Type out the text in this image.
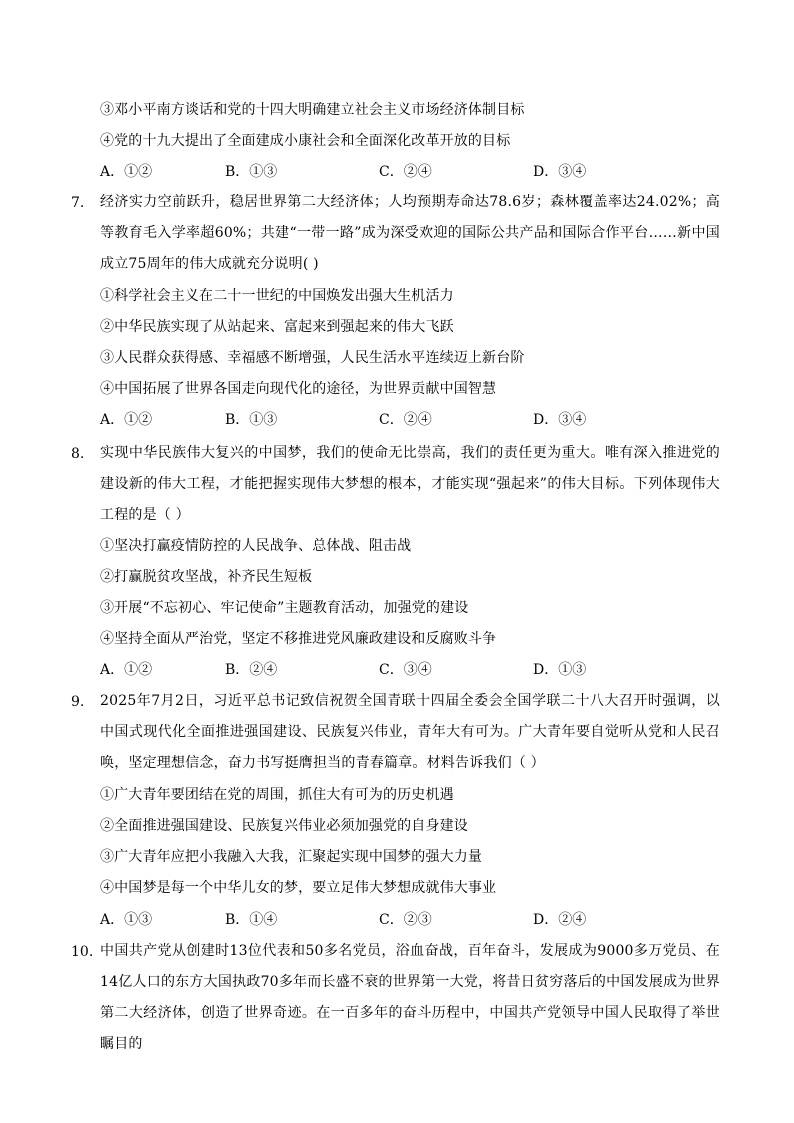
③邓小平南方谈话和党的十四大明确建立社会主义市场经济体制目标
④党的十九大提出了全面建成小康社会和全面深化改革开放的目标
A．①②	B．①③	C．②④	D．③④
7. 经济实力空前跃升，稳居世界第二大经济体；人均预期寿命达78.6岁；森林覆盖率达24.02%；高等教育毛入学率超60%；共建“一带一路”成为深受欢迎的国际公共产品和国际合作平台……新中国成立75周年的伟大成就充分说明( )
①科学社会主义在二十一世纪的中国焕发出强大生机活力
②中华民族实现了从站起来、富起来到强起来的伟大飞跃
③人民群众获得感、幸福感不断增强，人民生活水平连续迈上新台阶
④中国拓展了世界各国走向现代化的途径，为世界贡献中国智慧
A．①②	B．①③	C．②④	D．③④
8. 实现中华民族伟大复兴的中国梦，我们的使命无比崇高，我们的责任更为重大。唯有深入推进党的建设新的伟大工程，才能把握实现伟大梦想的根本，才能实现“强起来”的伟大目标。下列体现伟大工程的是（ ）
①坚决打赢疫情防控的人民战争、总体战、阻击战
②打赢脱贫攻坚战，补齐民生短板
③开展“不忘初心、牢记使命”主题教育活动，加强党的建设
④坚持全面从严治党，坚定不移推进党风廉政建设和反腐败斗争
A．①②	B．②④	C．③④	D．①③
9. 2025年7月2日，习近平总书记致信祝贺全国青联十四届全委会全国学联二十八大召开时强调，以中国式现代化全面推进强国建设、民族复兴伟业，青年大有可为。广大青年要自觉听从党和人民召唤，坚定理想信念，奋力书写挺膺担当的青春篇章。材料告诉我们（ ）
①广大青年要团结在党的周围，抓住大有可为的历史机遇
②全面推进强国建设、民族复兴伟业必须加强党的自身建设
③广大青年应把小我融入大我，汇聚起实现中国梦的强大力量
④中国梦是每一个中华儿女的梦，要立足伟大梦想成就伟大事业
A．①③	B．①④	C．②③	D．②④
10. 中国共产党从创建时13位代表和50多名党员，浴血奋战，百年奋斗，发展成为9000多万党员、在14亿人口的东方大国执政70多年而长盛不衰的世界第一大党，将昔日贫穷落后的中国发展成为世界第二大经济体，创造了世界奇迹。在一百多年的奋斗历程中，中国共产党领导中国人民取得了举世瞩目的
